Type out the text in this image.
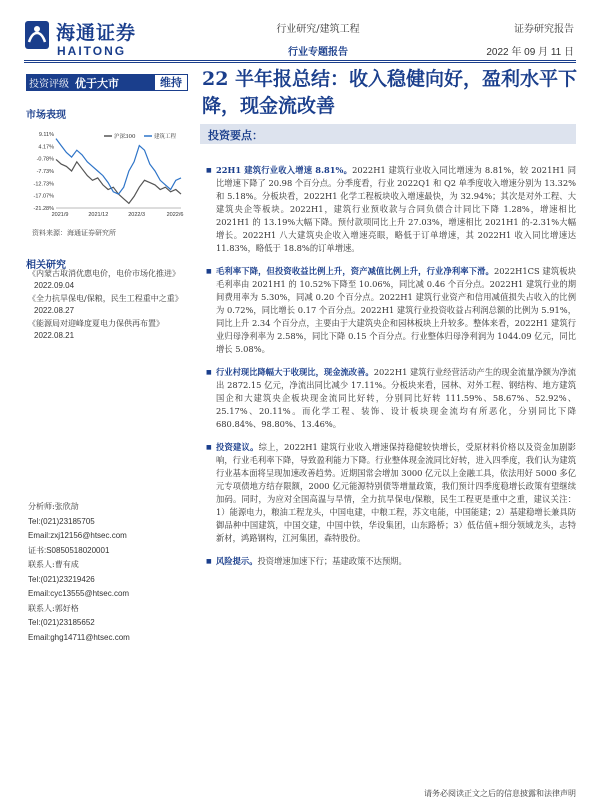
海通证券
HAITONG
行业研究/建筑工程
行业专题报告
证券研究报告
2022 年 09 月 11 日
投资评级 优于大市	维持 22 半年报总结：收入稳健向好，盈利水平下降，现金流改善
市场表现
9.11%
4.17%
-0.78%
-7.73%
-12.73%
-17.07%
-21.28%
2021/9	2021/12	2022/3	2022/6
沪深300	建筑工程
资料来源：海通证券研究所
相关研究
《内蒙古取消优惠电价，电价市场化推进》
2022.09.04
《全力抗旱保电/保粮，民生工程重中之重》
2022.08.27
《能源局对迎峰度夏电力保供再布置》
2022.08.21
分析师:张欣劼
Tel:(021)23185705
Email:zxj12156@htsec.com
证书:S0850518020001
联系人:曹有成
Tel:(021)23219426
Email:cyc13555@htsec.com
联系人:郭好格
Tel:(021)23185652
Email:ghg14711@htsec.com
投资要点：
■ 22H1 建筑行业收入增速 8.81%。2022H1 建筑行业收入同比增速为 8.81%，较 2021H1 同比增速下降了 20.98 个百分点。分季度看，行业 2022Q1 和 Q2 单季度收入增速分别为 13.32%和 5.18%。分板块看，2022H1 化学工程板块收入增速最快，为 32.94%；其次是对外工程、大建筑央企等板块。2022H1，建筑行业预收款与合同负债合计同比下降 1.28%，增速相比 2021H1 的 13.19%大幅下降。预付款项同比上升 27.03%，增速相比 2021H1 的-2.31%大幅增长。2022H1 八大建筑央企收入增速亮眼，略低于订单增速，其 2022H1 收入同比增速达 11.83%，略低于 18.8%的订单增速。
■ 毛利率下降，但投资收益比例上升，资产减值比例上升，行业净利率下滑。2022H1CS 建筑板块毛利率由 2021H1 的 10.52%下降至 10.06%，同比减 0.46 个百分点。2022H1 建筑行业的期间费用率为 5.30%，同减 0.20 个百分点。2022H1 建筑行业资产和信用减值损失占收入的比例为 0.72%，同比增长 0.17 个百分点。2022H1 建筑行业投资收益占利润总额的比例为 5.91%，同比上升 2.34 个百分点，主要由于大建筑央企和园林板块上升较多。整体来看，2022H1 建筑行业归母净利率为 2.58%，同比下降 0.15 个百分点。行业整体归母净利润为 1044.09 亿元，同比增长 5.08%。
■ 行业村现比降幅大于收现比，现金流改善。2022H1 建筑行业经营活动产生的现金流量净额为净流出 2872.15 亿元，净流出同比减少 17.11%。分板块来看，园林、对外工程、钢结构、地方建筑国企和大建筑央企板块现金流同比好转，分别同比好转 111.59%、58.67%、52.92%、25.17%、20.11%。而化学工程、装饰、设计板块现金流均有所恶化，分别同比下降 680.84%、98.80%、13.46%。
■ 投资建议。综上，2022H1 建筑行业收入增速保持稳健较快增长，受原材料价格以及资金加剧影响，行业毛利率下降，导致盈利能力下降。行业整体现金流同比好转，进入四季度，我们认为建筑行业基本面将呈现加速改善趋势。近期国常会增加 3000 亿元以上金融工具，依法用好 5000 多亿元专项债地方结存限额，2000 亿元能源特别债等增量政策，我们预计四季度稳增长政策有望继续加码。同时，为应对全国高温与旱情，全力抗旱保电/保粮，民生工程更是重中之重，建议关注：1）能源电力，粮油工程龙头，中国电建，中粮工程，苏文电能，中国能建；2）基建稳增长兼具防御品种中国建筑，中国交建，中国中铁，华设集团，山东路桥；3）低估值+细分领域龙头，志特新材，鸿路钢构，江河集团，森特股份。
■ 风险提示。投资增速加速下行；基建政策不达预期。
请务必阅读正文之后的信息披露和法律声明
